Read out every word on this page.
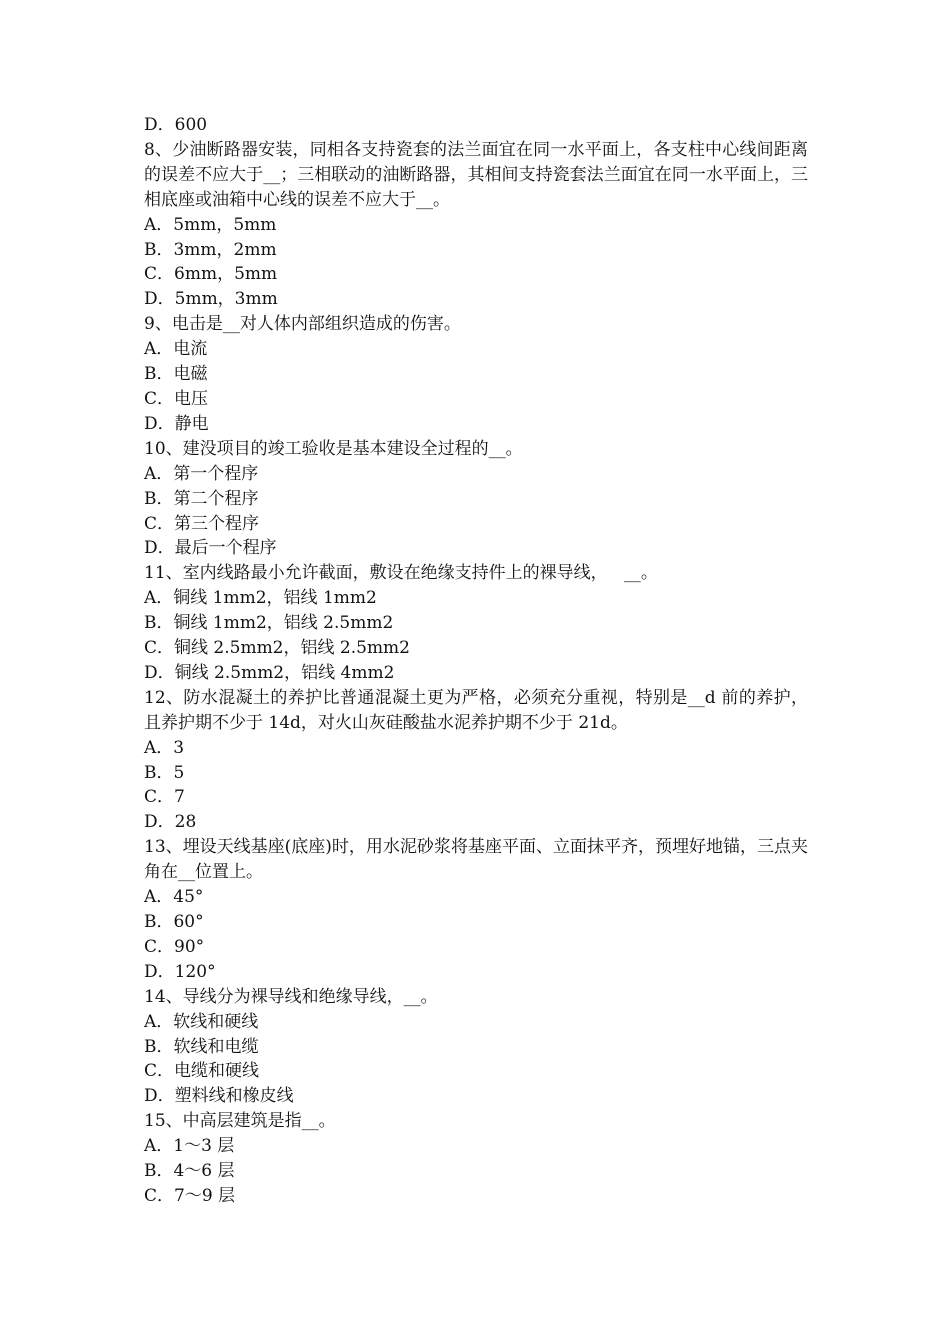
D．600

8、少油断路器安装，同相各支持瓷套的法兰面宜在同一水平面上，各支柱中心线间距离的误差不应大于__；三相联动的油断路器，其相间支持瓷套法兰面宜在同一水平面上，三相底座或油箱中心线的误差不应大于__。

A．5mm，5mm

B．3mm，2mm

C．6mm，5mm

D．5mm，3mm

9、电击是__对人体内部组织造成的伤害。

A．电流

B．电磁

C．电压

D．静电

10、建没项目的竣工验收是基本建设全过程的__。

A．第一个程序

B．第二个程序

C．第三个程序

D．最后一个程序

11、室内线路最小允许截面，敷设在绝缘支持件上的裸导线，   __。

A．铜线 1mm2，铝线 1mm2

B．铜线 1mm2，铝线 2.5mm2

C．铜线 2.5mm2，铝线 2.5mm2

D．铜线 2.5mm2，铝线 4mm2

12、防水混凝土的养护比普通混凝土更为严格，必须充分重视，特别是__d 前的养护，且养护期不少于 14d，对火山灰硅酸盐水泥养护期不少于 21d。

A．3

B．5

C．7

D．28

13、埋设天线基座(底座)时，用水泥砂浆将基座平面、立面抹平齐，预埋好地锚，三点夹角在__位置上。

A．45°

B．60°

C．90°

D．120°

14、导线分为裸导线和绝缘导线，__。

A．软线和硬线

B．软线和电缆

C．电缆和硬线

D．塑料线和橡皮线

15、中高层建筑是指__。

A．1～3 层

B．4～6 层

C．7～9 层
